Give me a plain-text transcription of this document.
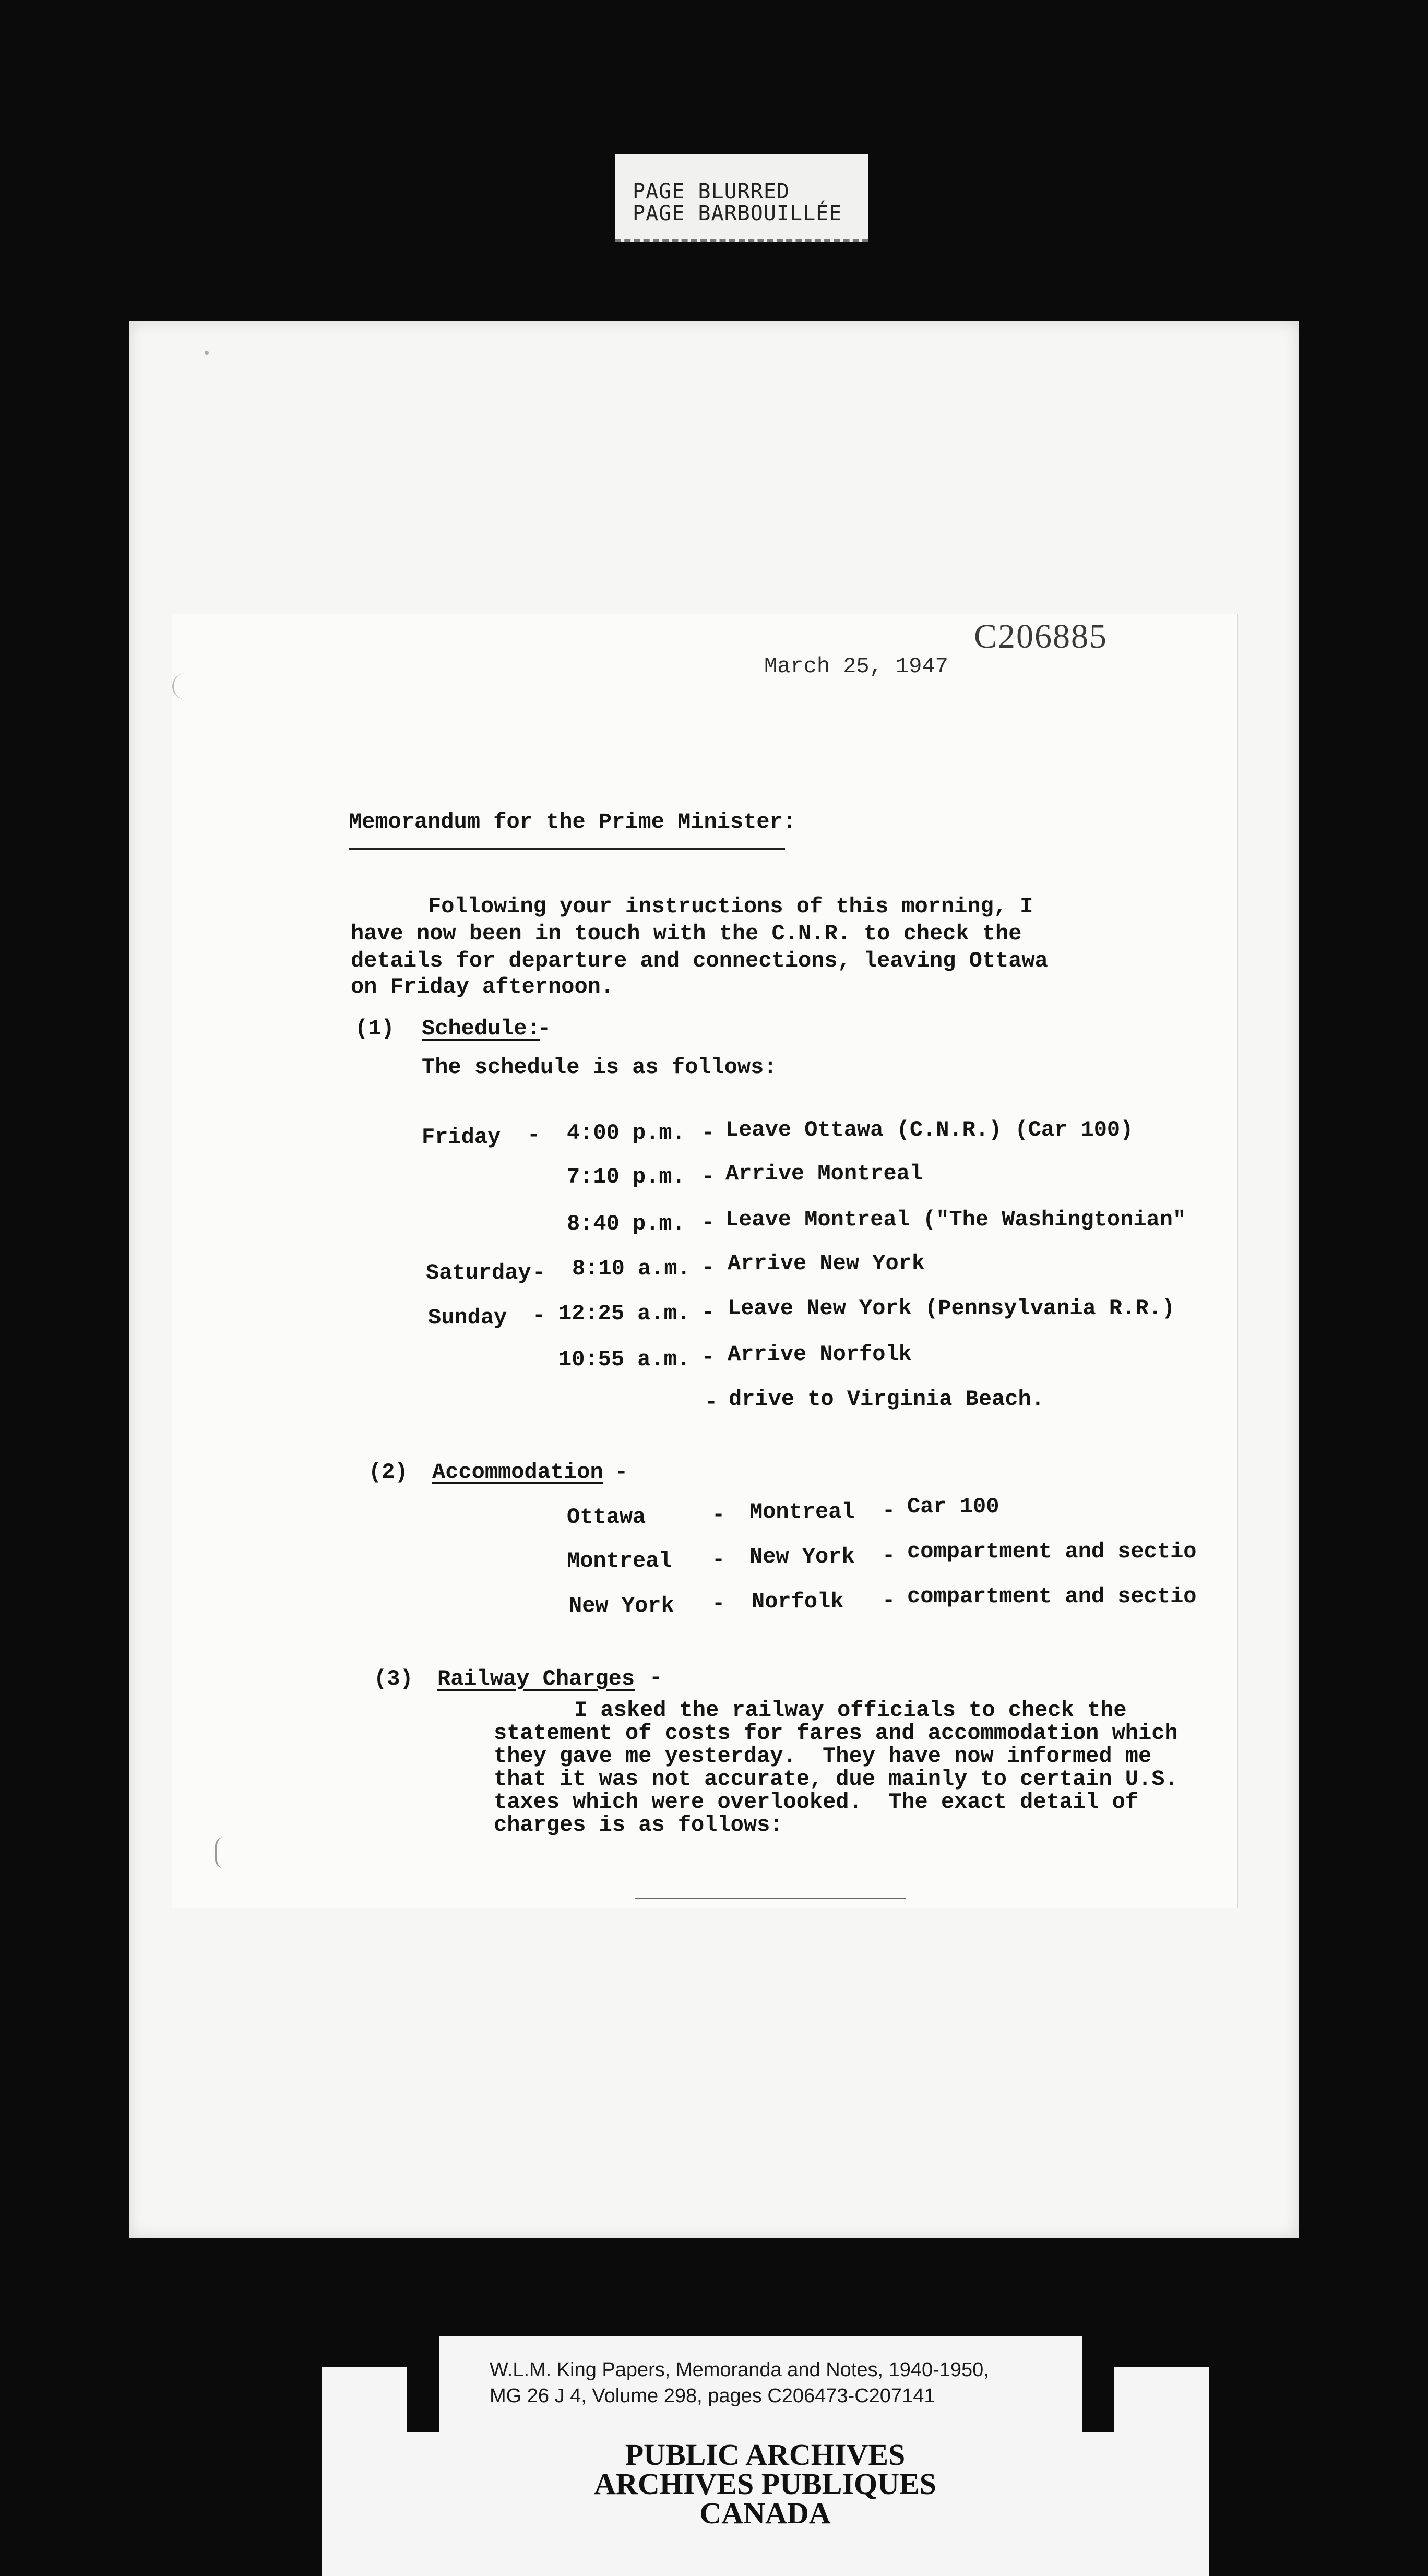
PAGE BLURRED
PAGE BARBOUILLÉE
March 25, 1947
C206885
Memorandum for the Prime Minister:
Following your instructions of this morning, I
have now been in touch with the C.N.R. to check the
details for departure and connections, leaving Ottawa
on Friday afternoon.
(1) Schedule:
-
The schedule is as follows:
Friday - 4:00 p.m. - Leave Ottawa (C.N.R.) (Car 100)
7:10 p.m. - Arrive Montreal
8:40 p.m. - Leave Montreal ("The Washingtonian"
Saturday - 8:10 a.m. - Arrive New York
Sunday - 12:25 a.m. - Leave New York (Pennsylvania R.R.)
10:55 a.m. - Arrive Norfolk
- drive to Virginia Beach.
(2) Accommodation -
Ottawa	- Montreal - Car 100
Montreal - New York - compartment and sectio
New York - Norfolk - compartment and sectio
(3) Railway Charges -
I asked the railway officials to check the
statement of costs for fares and accommodation which
they gave me yesterday.  They have now informed me
that it was not accurate, due mainly to certain U.S.
taxes which were overlooked.  The exact detail of
charges is as follows:
W.L.M. King Papers, Memoranda and Notes, 1940-1950,
MG 26 J 4, Volume 298, pages C206473-C207141
PUBLIC ARCHIVES
ARCHIVES PUBLIQUES
CANADA
